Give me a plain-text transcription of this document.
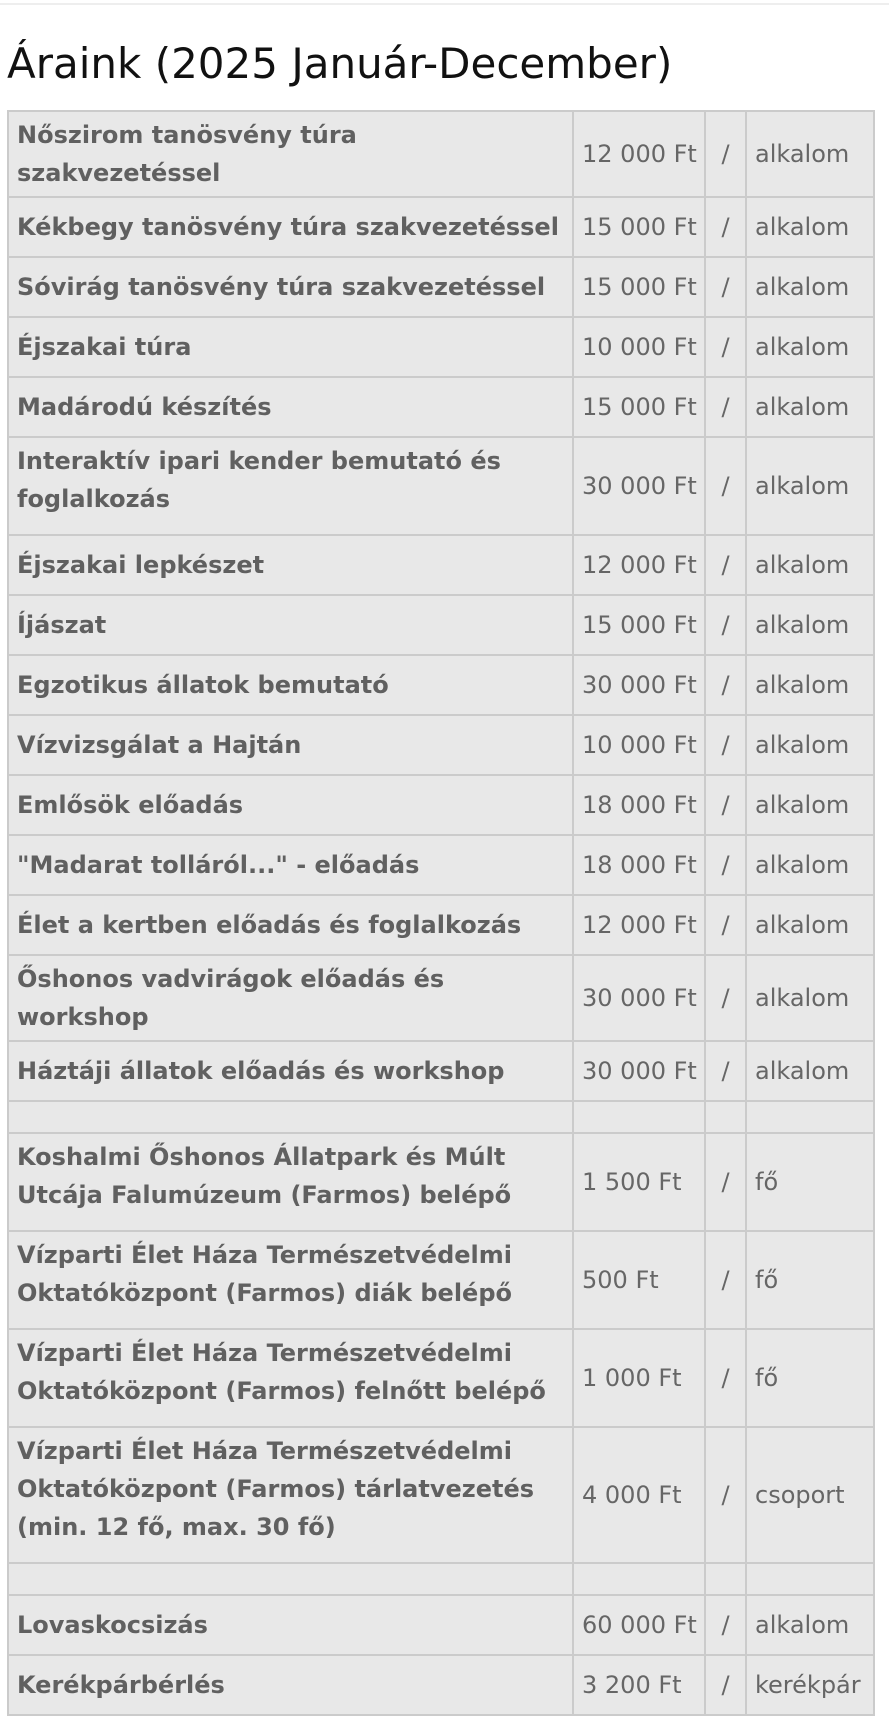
Áraink (2025 Január-December)
Nőszirom tanösvény túra szakvezetéssel	12 000 Ft	/	alkalom
Kékbegy tanösvény túra szakvezetéssel	15 000 Ft	/	alkalom
Sóvirág tanösvény túra szakvezetéssel	15 000 Ft	/	alkalom
Éjszakai túra	10 000 Ft	/	alkalom
Madárodú készítés	15 000 Ft	/	alkalom
Interaktív ipari kender bemutató és foglalkozás	30 000 Ft	/	alkalom
Éjszakai lepkészet	12 000 Ft	/	alkalom
Íjászat	15 000 Ft	/	alkalom
Egzotikus állatok bemutató	30 000 Ft	/	alkalom
Vízvizsgálat a Hajtán	10 000 Ft	/	alkalom
Emlősök előadás	18 000 Ft	/	alkalom
"Madarat tolláról..." - előadás	18 000 Ft	/	alkalom
Élet a kertben előadás és foglalkozás	12 000 Ft	/	alkalom
Őshonos vadvirágok előadás és workshop	30 000 Ft	/	alkalom
Háztáji állatok előadás és workshop	30 000 Ft	/	alkalom

Koshalmi Őshonos Állatpark és Múlt Utcája Falumúzeum (Farmos) belépő	1 500 Ft	/	fő
Vízparti Élet Háza Természetvédelmi Oktatóközpont (Farmos) diák belépő	500 Ft	/	fő
Vízparti Élet Háza Természetvédelmi Oktatóközpont (Farmos) felnőtt belépő	1 000 Ft	/	fő
Vízparti Élet Háza Természetvédelmi Oktatóközpont (Farmos) tárlatvezetés (min. 12 fő, max. 30 fő)	4 000 Ft	/	csoport

Lovaskocsizás	60 000 Ft	/	alkalom
Kerékpárbérlés	3 200 Ft	/	kerékpár
